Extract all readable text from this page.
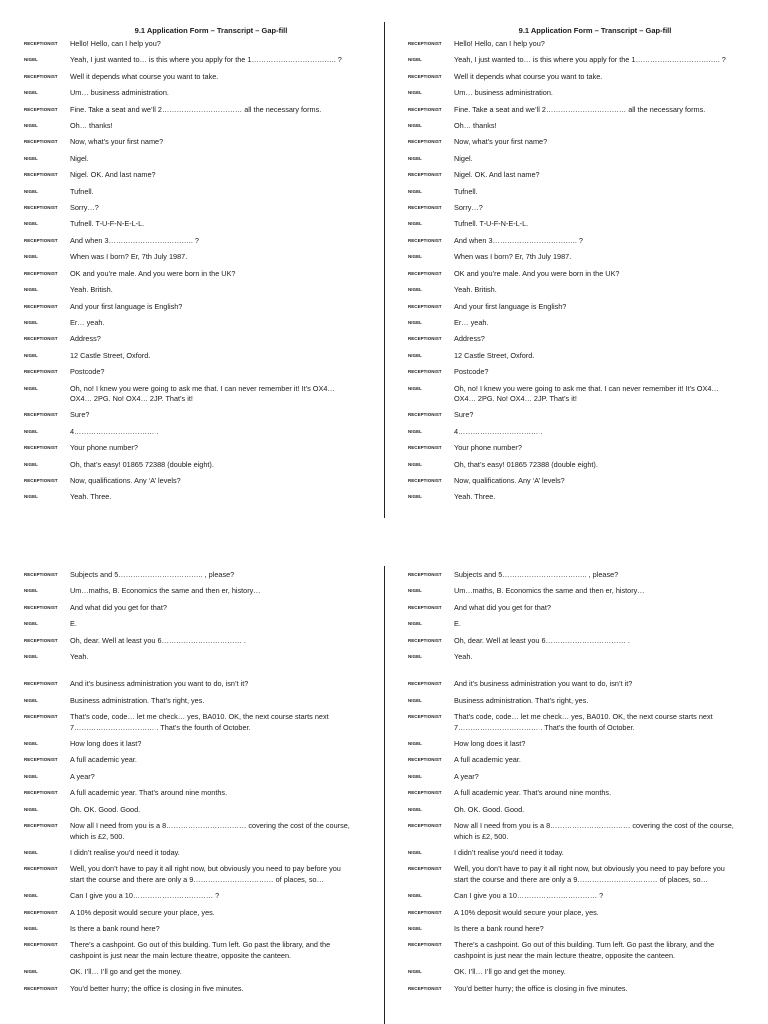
9.1 Application Form – Transcript – Gap-fill
RECEPTIONIST	Hello! Hello, can I help you?
NIGEL	Yeah, I just wanted to… is this where you apply for the 1…………………………….. ?
RECEPTIONIST	Well it depends what course you want to take.
NIGEL	Um… business administration.
RECEPTIONIST	Fine. Take a seat and we’ll 2…………………………… all the necessary forms.
NIGEL	Oh… thanks!
RECEPTIONIST	Now, what’s your first name?
NIGEL	Nigel.
RECEPTIONIST	Nigel. OK. And last name?
NIGEL	Tufnell.
RECEPTIONIST	Sorry…?
NIGEL	Tufnell. T-U-F-N-E-L-L.
RECEPTIONIST	And when 3…………………………….. ?
NIGEL	When was I born? Er, 7th July 1987.
RECEPTIONIST	OK and you’re male. And you were born in the UK?
NIGEL	Yeah. British.
RECEPTIONIST	And your first language is English?
NIGEL	Er… yeah.
RECEPTIONIST	Address?
NIGEL	12 Castle Street, Oxford.
RECEPTIONIST	Postcode?
NIGEL	Oh, no! I knew you were going to ask me that. I can never remember it! It’s OX4…
OX4… 2PG. No! OX4… 2JP. That’s it!
RECEPTIONIST	Sure?
NIGEL	4…………………………… .
RECEPTIONIST	Your phone number?
NIGEL	Oh, that’s easy! 01865 72388 (double eight).
RECEPTIONIST	Now, qualifications. Any ‘A’ levels?
NIGEL	Yeah. Three.
9.1 Application Form – Transcript – Gap-fill
RECEPTIONIST	Hello! Hello, can I help you?
NIGEL	Yeah, I just wanted to… is this where you apply for the 1…………………………….. ?
RECEPTIONIST	Well it depends what course you want to take.
NIGEL	Um… business administration.
RECEPTIONIST	Fine. Take a seat and we’ll 2…………………………… all the necessary forms.
NIGEL	Oh… thanks!
RECEPTIONIST	Now, what’s your first name?
NIGEL	Nigel.
RECEPTIONIST	Nigel. OK. And last name?
NIGEL	Tufnell.
RECEPTIONIST	Sorry…?
NIGEL	Tufnell. T-U-F-N-E-L-L.
RECEPTIONIST	And when 3…………………………….. ?
NIGEL	When was I born? Er, 7th July 1987.
RECEPTIONIST	OK and you’re male. And you were born in the UK?
NIGEL	Yeah. British.
RECEPTIONIST	And your first language is English?
NIGEL	Er… yeah.
RECEPTIONIST	Address?
NIGEL	12 Castle Street, Oxford.
RECEPTIONIST	Postcode?
NIGEL	Oh, no! I knew you were going to ask me that. I can never remember it! It’s OX4…
OX4… 2PG. No! OX4… 2JP. That’s it!
RECEPTIONIST	Sure?
NIGEL	4…………………………… .
RECEPTIONIST	Your phone number?
NIGEL	Oh, that’s easy! 01865 72388 (double eight).
RECEPTIONIST	Now, qualifications. Any ‘A’ levels?
NIGEL	Yeah. Three.
RECEPTIONIST	Subjects and 5…………………………….. , please?
NIGEL	Um…maths, B. Economics the same and then er, history…
RECEPTIONIST	And what did you get for that?
NIGEL	E.
RECEPTIONIST	Oh, dear. Well at least you 6…………………………… .
NIGEL	Yeah.
RECEPTIONIST	And it’s business administration you want to do, isn’t it?
NIGEL	Business administration. That’s right, yes.
RECEPTIONIST	That’s code, code… let me check… yes, BA010. OK, the next course starts next
7…………………………… . That’s the fourth of October.
NIGEL	How long does it last?
RECEPTIONIST	A full academic year.
NIGEL	A year?
RECEPTIONIST	A full academic year. That’s around nine months.
NIGEL	Oh. OK. Good. Good.
RECEPTIONIST	Now all I need from you is a 8…………………………… covering the cost of the course,
which is £2, 500.
NIGEL	I didn’t realise you’d need it today.
RECEPTIONIST	Well, you don’t have to pay it all right now, but obviously you need to pay before you
start the course and there are only a 9…………………………… of places, so…
NIGEL	Can I give you a 10…………………………… ?
RECEPTIONIST	A 10% deposit would secure your place, yes.
NIGEL	Is there a bank round here?
RECEPTIONIST	There’s a cashpoint. Go out of this building. Turn left. Go past the library, and the
cashpoint is just near the main lecture theatre, opposite the canteen.
NIGEL	OK. I’ll… I’ll go and get the money.
RECEPTIONIST	You’d better hurry; the office is closing in five minutes.
RECEPTIONIST	Subjects and 5…………………………….. , please?
NIGEL	Um…maths, B. Economics the same and then er, history…
RECEPTIONIST	And what did you get for that?
NIGEL	E.
RECEPTIONIST	Oh, dear. Well at least you 6…………………………… .
NIGEL	Yeah.
RECEPTIONIST	And it’s business administration you want to do, isn’t it?
NIGEL	Business administration. That’s right, yes.
RECEPTIONIST	That’s code, code… let me check… yes, BA010. OK, the next course starts next
7…………………………… . That’s the fourth of October.
NIGEL	How long does it last?
RECEPTIONIST	A full academic year.
NIGEL	A year?
RECEPTIONIST	A full academic year. That’s around nine months.
NIGEL	Oh. OK. Good. Good.
RECEPTIONIST	Now all I need from you is a 8…………………………… covering the cost of the course,
which is £2, 500.
NIGEL	I didn’t realise you’d need it today.
RECEPTIONIST	Well, you don’t have to pay it all right now, but obviously you need to pay before you
start the course and there are only a 9…………………………… of places, so…
NIGEL	Can I give you a 10…………………………… ?
RECEPTIONIST	A 10% deposit would secure your place, yes.
NIGEL	Is there a bank round here?
RECEPTIONIST	There’s a cashpoint. Go out of this building. Turn left. Go past the library, and the
cashpoint is just near the main lecture theatre, opposite the canteen.
NIGEL	OK. I’ll… I’ll go and get the money.
RECEPTIONIST	You’d better hurry; the office is closing in five minutes.
